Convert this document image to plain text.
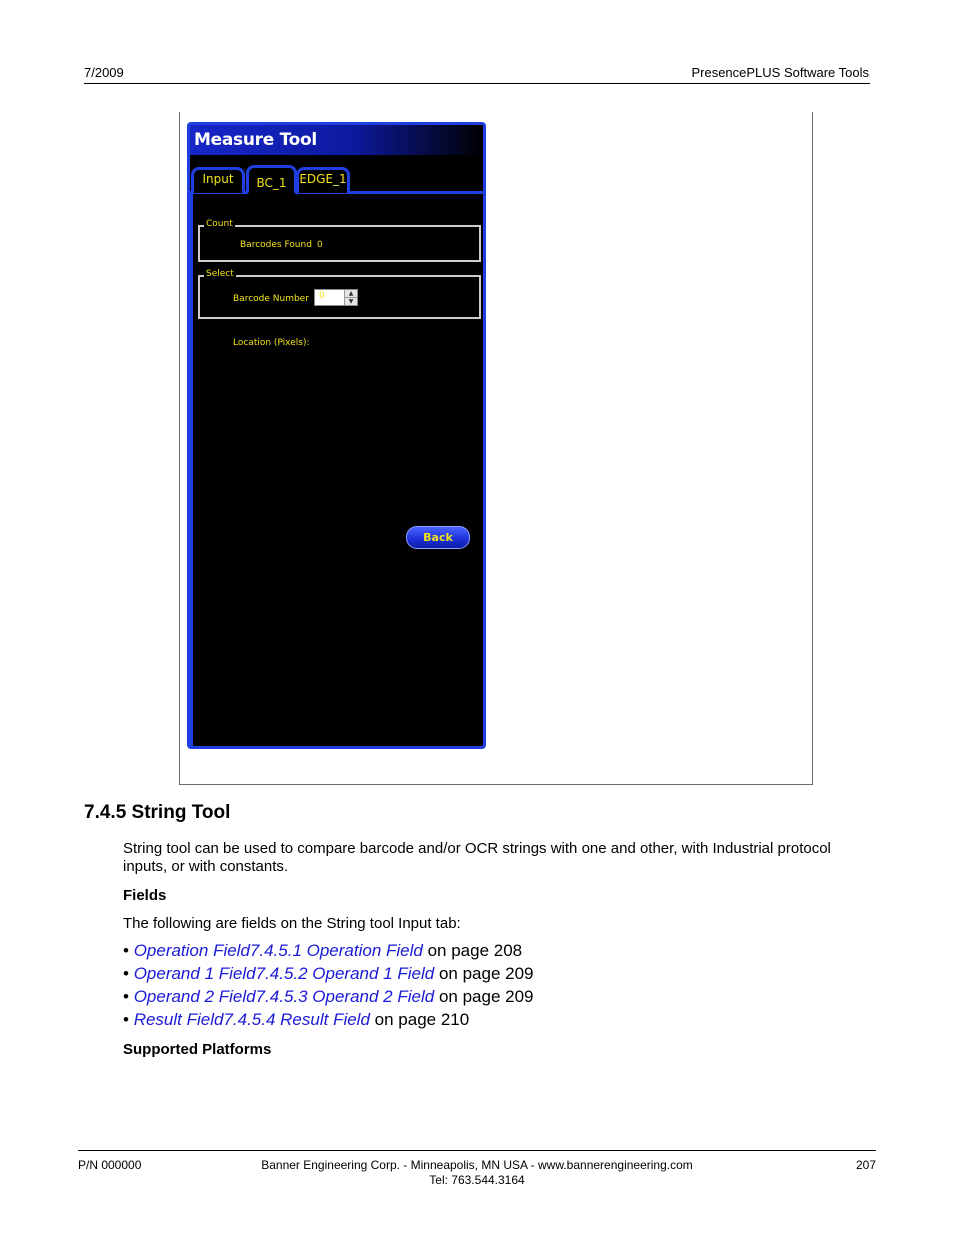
7/2009	PresencePLUS Software Tools
Measure Tool
Input	EDGE_1
BC_1
Count
Barcodes Found 0
Select
Barcode Number 0	▲
▼
Location (Pixels):
Back
7.4.5 String Tool
String tool can be used to compare barcode and/or OCR strings with one and other, with Industrial protocol inputs, or with constants.
Fields
The following are fields on the String tool Input tab:
• Operation Field7.4.5.1 Operation Field on page 208
• Operand 1 Field7.4.5.2 Operand 1 Field on page 209
• Operand 2 Field7.4.5.3 Operand 2 Field on page 209
• Result Field7.4.5.4 Result Field on page 210
Supported Platforms
P/N 000000	Banner Engineering Corp. - Minneapolis, MN USA - www.bannerengineering.com
Tel: 763.544.3164
207
